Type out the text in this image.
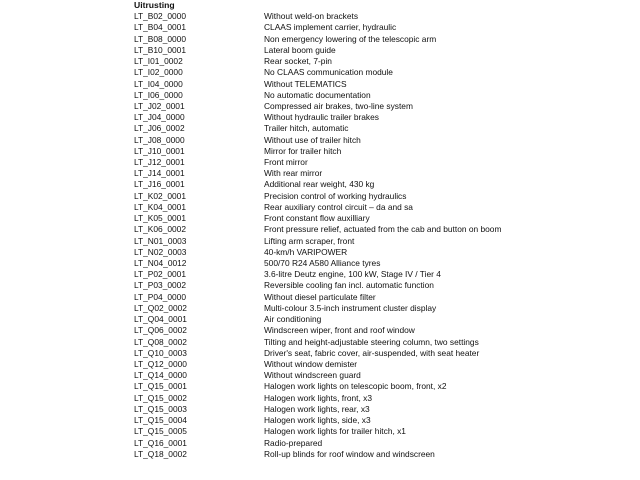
Uitrusting
LT_B02_0000	Without weld-on brackets
LT_B04_0001	CLAAS implement carrier, hydraulic
LT_B08_0000	Non emergency lowering of the telescopic arm
LT_B10_0001	Lateral boom guide
LT_I01_0002	Rear socket, 7-pin
LT_I02_0000	No CLAAS communication module
LT_I04_0000	Without TELEMATICS
LT_I06_0000	No automatic documentation
LT_J02_0001	Compressed air brakes, two-line system
LT_J04_0000	Without hydraulic trailer brakes
LT_J06_0002	Trailer hitch, automatic
LT_J08_0000	Without use of trailer hitch
LT_J10_0001	Mirror for trailer hitch
LT_J12_0001	Front mirror
LT_J14_0001	With rear mirror
LT_J16_0001	Additional rear weight, 430 kg
LT_K02_0001	Precision control of working hydraulics
LT_K04_0001	Rear auxiliary control circuit – da and sa
LT_K05_0001	Front constant flow auxilliary
LT_K06_0002	Front pressure relief, actuated from the cab and button on boom
LT_N01_0003	Lifting arm scraper, front
LT_N02_0003	40-km/h VARIPOWER
LT_N04_0012	500/70 R24 A580 Alliance tyres
LT_P02_0001	3.6-litre Deutz engine, 100 kW, Stage IV / Tier 4
LT_P03_0002	Reversible cooling fan incl. automatic function
LT_P04_0000	Without diesel particulate filter
LT_Q02_0002	Multi-colour 3.5-inch instrument cluster display
LT_Q04_0001	Air conditioning
LT_Q06_0002	Windscreen wiper, front and roof window
LT_Q08_0002	Tilting and height-adjustable steering column, two settings
LT_Q10_0003	Driver's seat, fabric cover, air-suspended, with seat heater
LT_Q12_0000	Without window demister
LT_Q14_0000	Without windscreen guard
LT_Q15_0001	Halogen work lights on telescopic boom, front, x2
LT_Q15_0002	Halogen work lights, front, x3
LT_Q15_0003	Halogen work lights, rear, x3
LT_Q15_0004	Halogen work lights, side, x3
LT_Q15_0005	Halogen work lights for trailer hitch, x1
LT_Q16_0001	Radio-prepared
LT_Q18_0002	Roll-up blinds for roof window and windscreen
